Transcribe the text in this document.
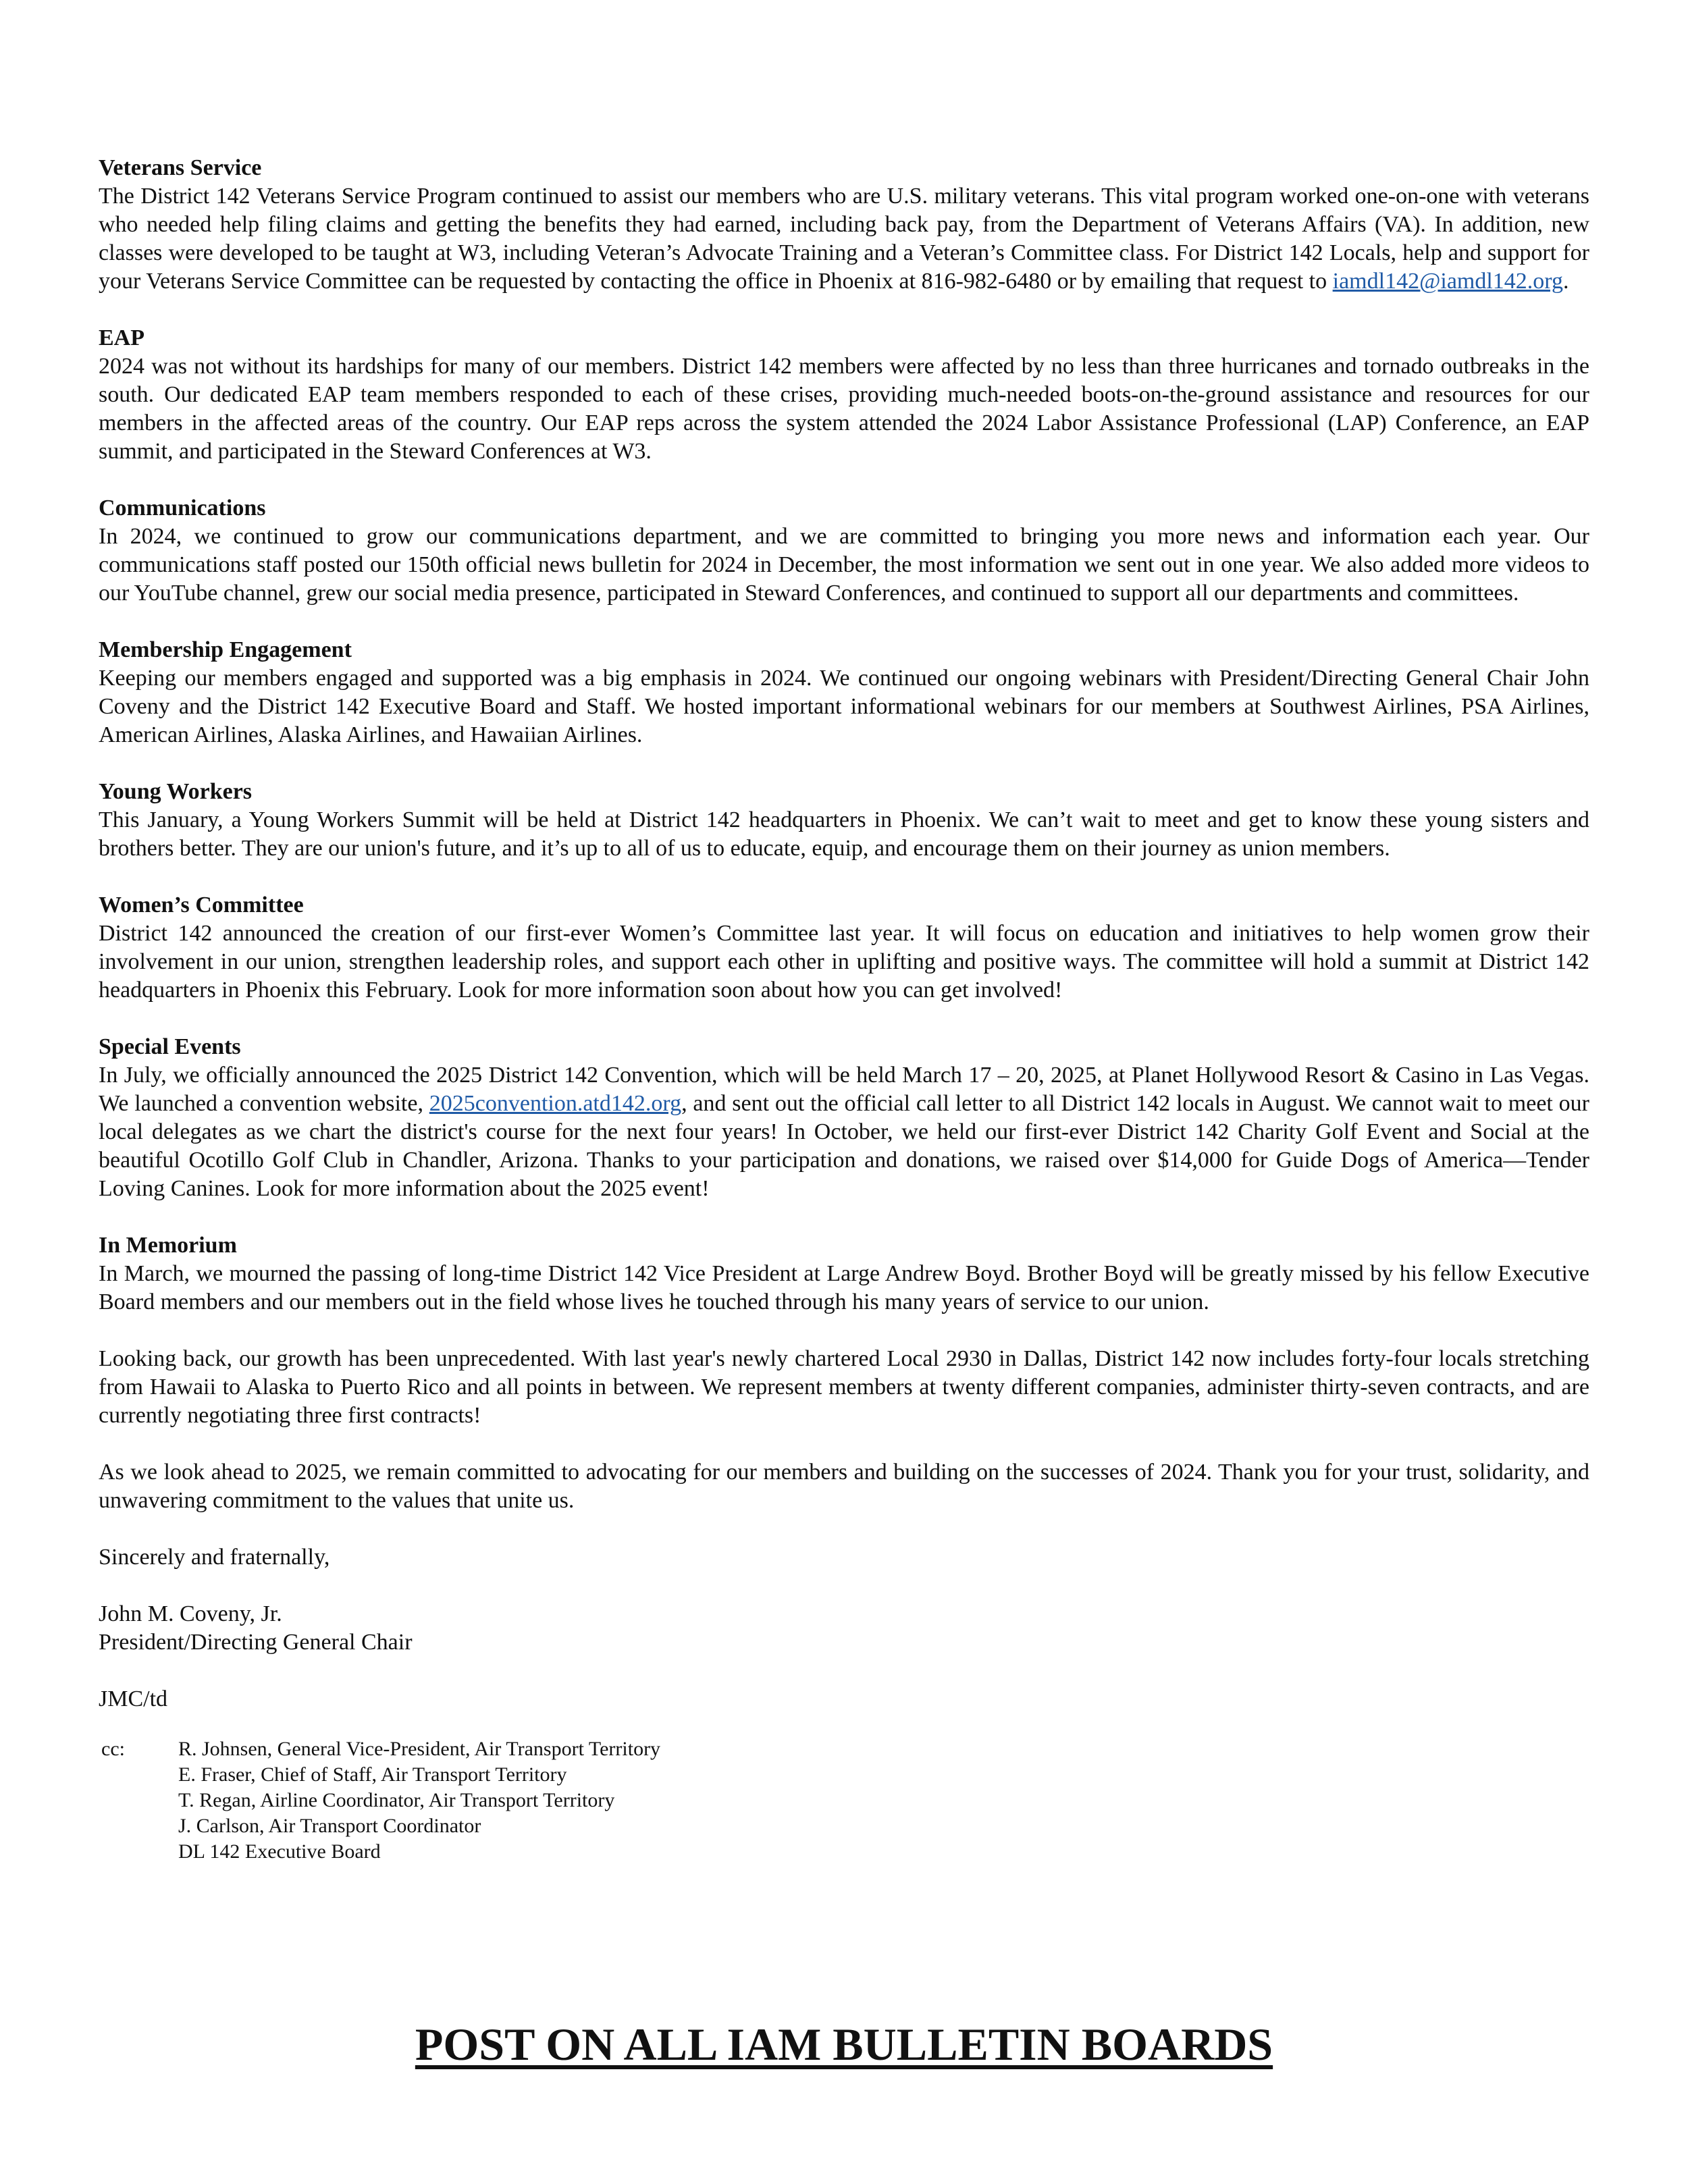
Veterans Service

The District 142 Veterans Service Program continued to assist our members who are U.S. military veterans. This vital program worked one-on-one with veterans who needed help filing claims and getting the benefits they had earned, including back pay, from the Department of Veterans Affairs (VA). In addition, new classes were developed to be taught at W3, including Veteran’s Advocate Training and a Veteran’s Committee class. For District 142 Locals, help and support for your Veterans Service Committee can be requested by contacting the office in Phoenix at 816-982-6480 or by emailing that request to iamdl142@iamdl142.org.

EAP

2024 was not without its hardships for many of our members. District 142 members were affected by no less than three hurricanes and tornado outbreaks in the south. Our dedicated EAP team members responded to each of these crises, providing much-needed boots-on-the-ground assistance and resources for our members in the affected areas of the country. Our EAP reps across the system attended the 2024 Labor Assistance Professional (LAP) Conference, an EAP summit, and participated in the Steward Conferences at W3.

Communications

In 2024, we continued to grow our communications department, and we are committed to bringing you more news and information each year. Our communications staff posted our 150th official news bulletin for 2024 in December, the most information we sent out in one year. We also added more videos to our YouTube channel, grew our social media presence, participated in Steward Conferences, and continued to support all our departments and committees.

Membership Engagement

Keeping our members engaged and supported was a big emphasis in 2024. We continued our ongoing webinars with President/Directing General Chair John Coveny and the District 142 Executive Board and Staff. We hosted important informational webinars for our members at Southwest Airlines, PSA Airlines, American Airlines, Alaska Airlines, and Hawaiian Airlines.

Young Workers

This January, a Young Workers Summit will be held at District 142 headquarters in Phoenix. We can’t wait to meet and get to know these young sisters and brothers better. They are our union's future, and it’s up to all of us to educate, equip, and encourage them on their journey as union members.

Women’s Committee

District 142 announced the creation of our first-ever Women’s Committee last year. It will focus on education and initiatives to help women grow their involvement in our union, strengthen leadership roles, and support each other in uplifting and positive ways. The committee will hold a summit at District 142 headquarters in Phoenix this February. Look for more information soon about how you can get involved!

Special Events

In July, we officially announced the 2025 District 142 Convention, which will be held March 17 – 20, 2025, at Planet Hollywood Resort & Casino in Las Vegas. We launched a convention website, 2025convention.atd142.org, and sent out the official call letter to all District 142 locals in August. We cannot wait to meet our local delegates as we chart the district's course for the next four years! In October, we held our first-ever District 142 Charity Golf Event and Social at the beautiful Ocotillo Golf Club in Chandler, Arizona. Thanks to your participation and donations, we raised over $14,000 for Guide Dogs of America—Tender Loving Canines. Look for more information about the 2025 event!

In Memorium

In March, we mourned the passing of long-time District 142 Vice President at Large Andrew Boyd. Brother Boyd will be greatly missed by his fellow Executive Board members and our members out in the field whose lives he touched through his many years of service to our union.

Looking back, our growth has been unprecedented. With last year's newly chartered Local 2930 in Dallas, District 142 now includes forty-four locals stretching from Hawaii to Alaska to Puerto Rico and all points in between. We represent members at twenty different companies, administer thirty-seven contracts, and are currently negotiating three first contracts!

As we look ahead to 2025, we remain committed to advocating for our members and building on the successes of 2024. Thank you for your trust, solidarity, and unwavering commitment to the values that unite us.

Sincerely and fraternally,

John M. Coveny, Jr.

President/Directing General Chair

JMC/td

cc:	R. Johnsen, General Vice-President, Air Transport Territory

E. Fraser, Chief of Staff, Air Transport Territory

T. Regan, Airline Coordinator, Air Transport Territory

J. Carlson, Air Transport Coordinator

DL 142 Executive Board

POST ON ALL IAM BULLETIN BOARDS
